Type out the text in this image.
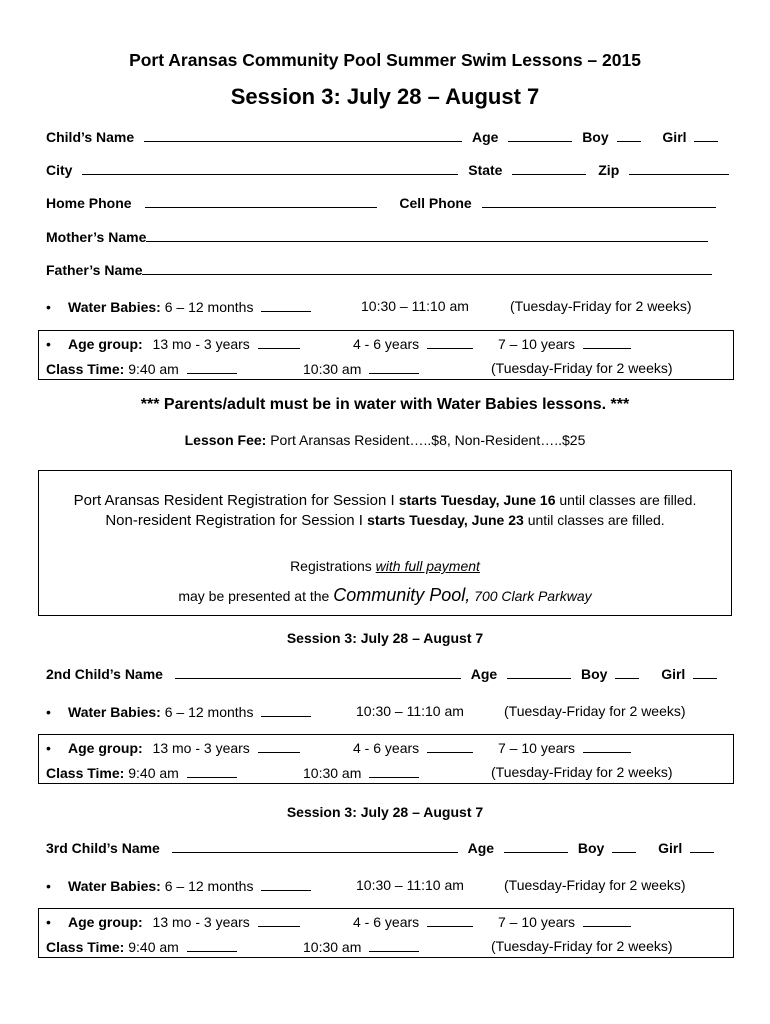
Port Aransas Community Pool Summer Swim Lessons – 2015
Session 3: July 28 – August 7
Child’s Name	Age	Boy	Girl
City	State	Zip
Home Phone	Cell Phone
Mother’s Name
Father’s Name
• Water Babies: 6 – 12 months	10:30 – 11:10 am	(Tuesday-Friday for 2 weeks)
• Age group: 13 mo - 3 years	4 - 6 years	7 – 10 years
Class Time: 9:40 am	10:30 am	(Tuesday-Friday for 2 weeks)
*** Parents/adult must be in water with Water Babies lessons. ***
Lesson Fee: Port Aransas Resident…..$8, Non-Resident…..$25
Port Aransas Resident Registration for Session I starts Tuesday, June 16 until classes are filled.
Non-resident Registration for Session I starts Tuesday, June 23 until classes are filled.
Registrations with full payment
may be presented at the Community Pool, 700 Clark Parkway
Session 3: July 28 – August 7
2nd Child’s Name	Age	Boy	Girl
• Water Babies: 6 – 12 months	10:30 – 11:10 am	(Tuesday-Friday for 2 weeks)
• Age group: 13 mo - 3 years	4 - 6 years	7 – 10 years
Class Time: 9:40 am	10:30 am	(Tuesday-Friday for 2 weeks)
Session 3: July 28 – August 7
3rd Child’s Name	Age	Boy	Girl
• Water Babies: 6 – 12 months	10:30 – 11:10 am	(Tuesday-Friday for 2 weeks)
• Age group: 13 mo - 3 years	4 - 6 years	7 – 10 years
Class Time: 9:40 am	10:30 am	(Tuesday-Friday for 2 weeks)
